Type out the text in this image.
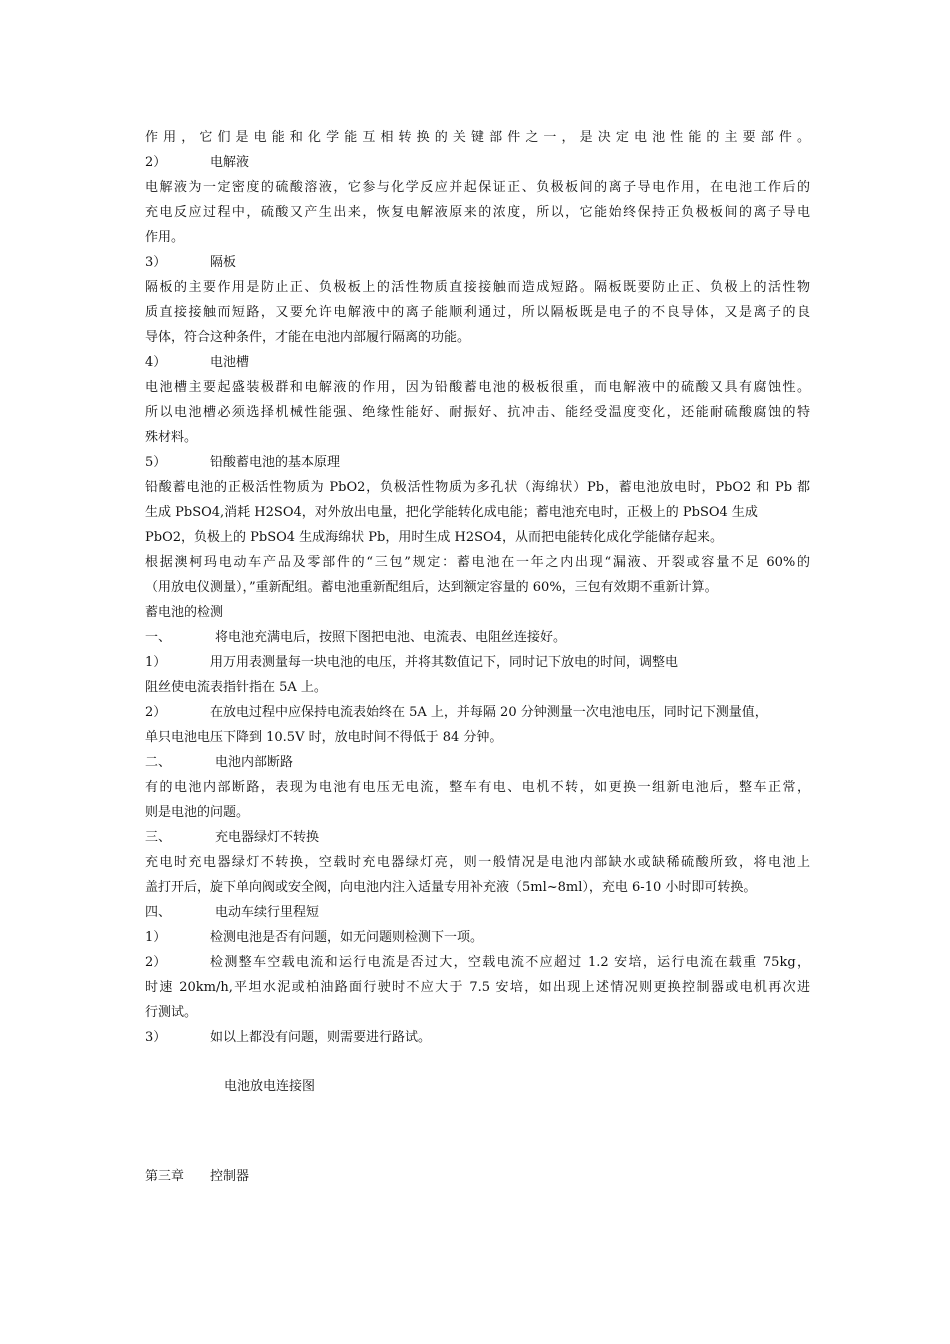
作用，它们是电能和化学能互相转换的关键部件之一，是决定电池性能的主要部件。
2）	电解液
电解液为一定密度的硫酸溶液，它参与化学反应并起保证正、负极板间的离子导电作用，在电池工作后的
充电反应过程中，硫酸又产生出来，恢复电解液原来的浓度，所以，它能始终保持正负极板间的离子导电
作用。
3）	隔板
隔板的主要作用是防止正、负极板上的活性物质直接接触而造成短路。隔板既要防止正、负极上的活性物
质直接接触而短路，又要允许电解液中的离子能顺利通过，所以隔板既是电子的不良导体，又是离子的良
导体，符合这种条件，才能在电池内部履行隔离的功能。
4）	电池槽
电池槽主要起盛装极群和电解液的作用，因为铅酸蓄电池的极板很重，而电解液中的硫酸又具有腐蚀性。
所以电池槽必须选择机械性能强、绝缘性能好、耐振好、抗冲击、能经受温度变化，还能耐硫酸腐蚀的特
殊材料。
5）	铅酸蓄电池的基本原理
铅酸蓄电池的正极活性物质为 PbO2，负极活性物质为多孔状（海绵状）Pb，蓄电池放电时，PbO2 和 Pb 都
生成 PbSO4,消耗 H2SO4，对外放出电量，把化学能转化成电能；蓄电池充电时，正极上的 PbSO4 生成
PbO2，负极上的 PbSO4 生成海绵状 Pb，用时生成 H2SO4，从而把电能转化成化学能储存起来。
根据澳柯玛电动车产品及零部件的“三包”规定：蓄电池在一年之内出现“漏液、开裂或容量不足 60%的
（用放电仪测量），”重新配组。蓄电池重新配组后，达到额定容量的 60%，三包有效期不重新计算。
蓄电池的检测
一、	将电池充满电后，按照下图把电池、电流表、电阻丝连接好。
1）	用万用表测量每一块电池的电压，并将其数值记下，同时记下放电的时间，调整电
阻丝使电流表指针指在 5A 上。
2）	在放电过程中应保持电流表始终在 5A 上，并每隔 20 分钟测量一次电池电压，同时记下测量值，
单只电池电压下降到 10.5V 时，放电时间不得低于 84 分钟。
二、	电池内部断路
有的电池内部断路，表现为电池有电压无电流，整车有电、电机不转，如更换一组新电池后，整车正常，
则是电池的问题。
三、	充电器绿灯不转换
充电时充电器绿灯不转换，空载时充电器绿灯亮，则一般情况是电池内部缺水或缺稀硫酸所致，将电池上
盖打开后，旋下单向阀或安全阀，向电池内注入适量专用补充液（5ml~8ml），充电 6-10 小时即可转换。
四、	电动车续行里程短
1）	检测电池是否有问题，如无问题则检测下一项。
2）	检测整车空载电流和运行电流是否过大，空载电流不应超过 1.2 安培，运行电流在载重 75kg，
时速 20km/h,平坦水泥或柏油路面行驶时不应大于 7.5 安培，如出现上述情况则更换控制器或电机再次进
行测试。
3）	如以上都没有问题，则需要进行路试。
电池放电连接图
第三章 控制器
